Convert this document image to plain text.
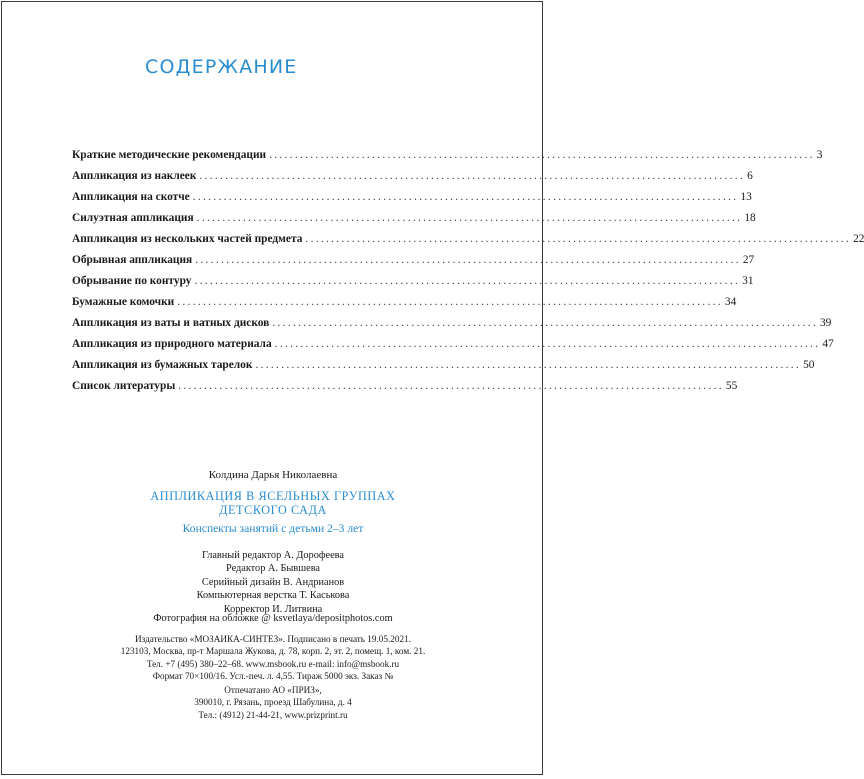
СОДЕРЖАНИЕ
Краткие методические рекомендации .......................................................................................................... 3
Аппликация из наклеек .......................................................................................................... 6
Аппликация на скотче .......................................................................................................... 13
Силуэтная аппликация .......................................................................................................... 18
Аппликация из нескольких частей предмета .......................................................................................................... 22
Обрывная аппликация .......................................................................................................... 27
Обрывание по контуру .......................................................................................................... 31
Бумажные комочки .......................................................................................................... 34
Аппликация из ваты и ватных дисков .......................................................................................................... 39
Аппликация из природного материала .......................................................................................................... 47
Аппликация из бумажных тарелок .......................................................................................................... 50
Список литературы .......................................................................................................... 55
Колдина Дарья Николаевна
АППЛИКАЦИЯ В ЯСЕЛЬНЫХ ГРУППАХ
ДЕТСКОГО САДА
Конспекты занятий с детьми 2–3 лет
Главный редактор А. Дорофеева
Редактор А. Бывшева
Серийный дизайн В. Андрианов
Компьютерная верстка Т. Каськова
Корректор И. Литвина
Фотография на обложке @ ksvetlaya/depositphotos.com
Издательство «МОЗАИКА-СИНТЕЗ». Подписано в печать 19.05.2021.
123103, Москва, пр-т Маршала Жукова, д. 78, корп. 2, эт. 2, помещ. 1, ком. 21.
Тел. +7 (495) 380–22–68. www.msbook.ru e-mail: info@msbook.ru
Формат 70×100/16. Усл.-печ. л. 4,55. Тираж 5000 экз. Заказ №
Отпечатано АО «ПРИЗ»,
390010, г. Рязань, проезд Шабулина, д. 4
Тел.: (4912) 21-44-21, www.prizprint.ru
